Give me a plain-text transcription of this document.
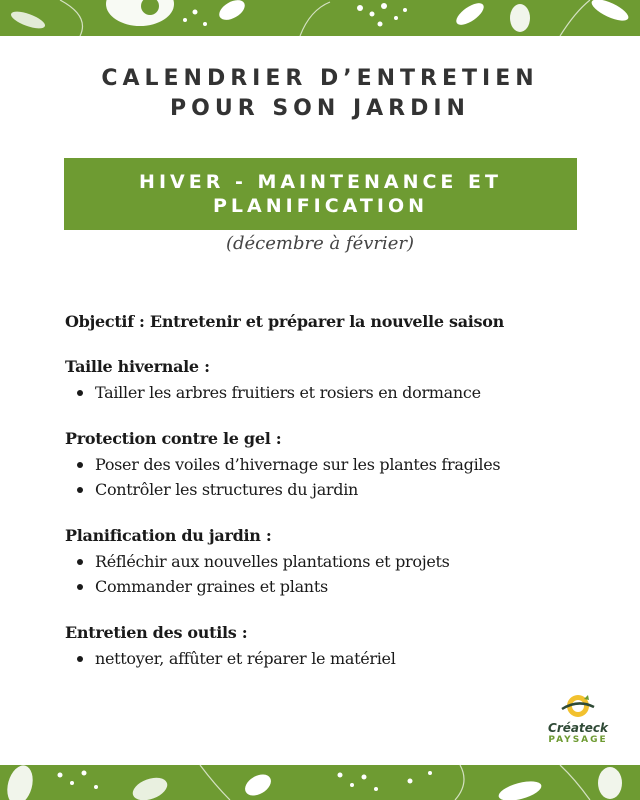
CALENDRIER D’ENTRETIEN
POUR SON JARDIN
HIVER - MAINTENANCE ET
PLANIFICATION
(décembre à février)

Objectif : Entretenir et préparer la nouvelle saison

Taille hivernale :

Tailler les arbres fruitiers et rosiers en dormance

Protection contre le gel :

Poser des voiles d’hivernage sur les plantes fragiles
Contrôler les structures du jardin

Planification du jardin :

Réfléchir aux nouvelles plantations et projets
Commander graines et plants

Entretien des outils :

nettoyer, affûter et réparer le matériel
Créateck
PAYSAGE
